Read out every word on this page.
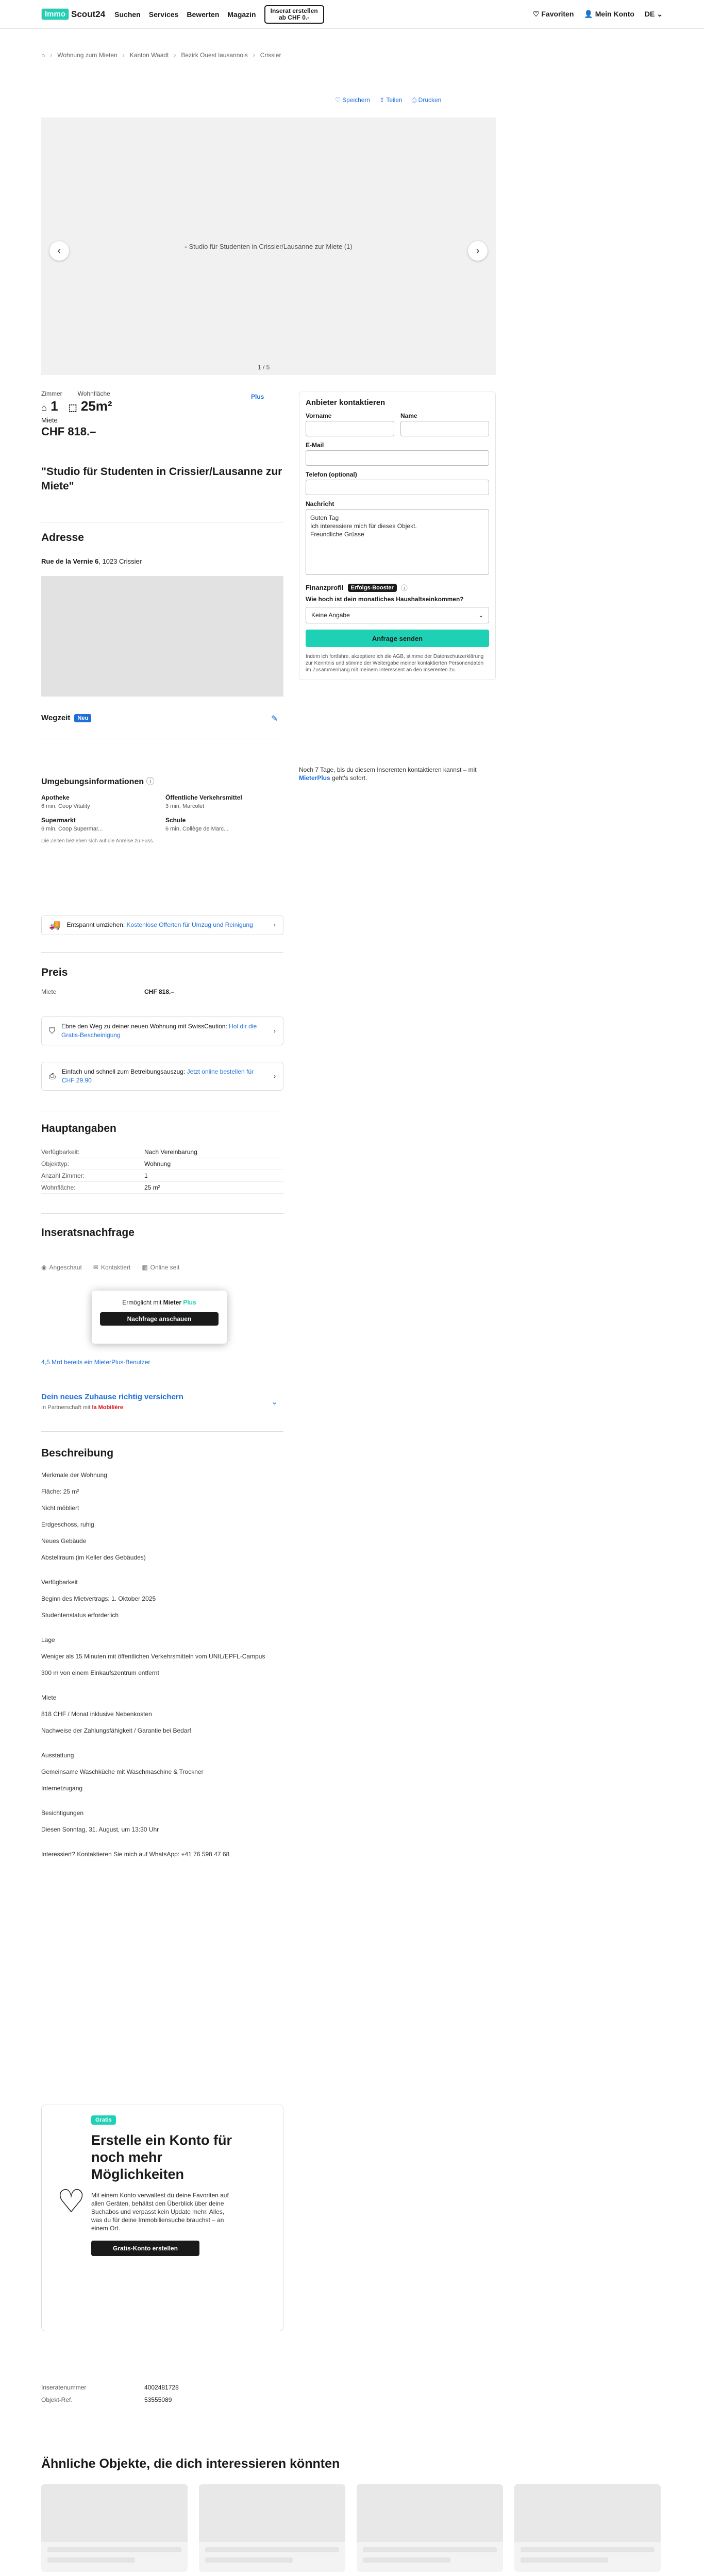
Immo Scout24 Suchen Services Bewerten Magazin Inserat erstellen
ab CHF 0.-	♡ Favoriten 👤 Mein Konto DE ⌄
⌂ › Wohnung zum Mieten › Kanton Waadt › Bezirk Ouest lausannois › Crissier
♡ Speichern ⇪ Teilen ⎙ Drucken
▫ Studio für Studenten in Crissier/Lausanne zur Miete (1)
‹	›
1 / 5
Zimmer	Wohnfläche
⌂ 1 ⬚ 25m²
Miete
CHF 818.–
Plus
"Studio für Studenten in Crissier/Lausanne zur Miete"
Adresse

Rue de la Vernie 6, 1023 Crissier

Wegzeit	Neu	✎
Umgebungsinformationen ⓘ
Apotheke
6 min, Coop Vitality
Öffentliche Verkehrsmittel
3 min, Marcolet
Supermarkt
6 min, Coop Supermar...
Schule
6 min, Collège de Marc...
Die Zeiten beziehen sich auf die Anreise zu Fuss.
🚚 Entspannt umziehen: Kostenlose Offerten für Umzug und Reinigung	›
Preis
Miete	CHF 818.–
⛉
Ebne den Weg zu deiner neuen Wohnung mit SwissCaution: Hol dir die Gratis-Bescheinigung
›
⎙
Einfach und schnell zum Betreibungsauszug: Jetzt online bestellen für CHF 29.90
›
Hauptangaben
Verfügbarkeit:	Nach Vereinbarung
Objekttyp:	Wohnung
Anzahl Zimmer:	1
Wohnfläche:	25 m²
Inseratsnachfrage
◉ Angeschaut ✉ Kontaktiert ▦ Online seit
Ermöglicht mit Mieter Plus
Nachfrage anschauen
4,5 Mrd bereits ein MieterPlus-Benutzer
Dein neues Zuhause richtig versichern
In Partnerschaft mit la Mobilière
⌄
Beschreibung
Merkmale der Wohnung

Fläche: 25 m²

Nicht möbliert

Erdgeschoss, ruhig

Neues Gebäude

Abstellraum (im Keller des Gebäudes)

Verfügbarkeit

Beginn des Mietvertrags: 1. Oktober 2025

Studentenstatus erforderlich

Lage

Weniger als 15 Minuten mit öffentlichen Verkehrsmitteln vom UNIL/EPFL-Campus

300 m von einem Einkaufszentrum entfernt

Miete

818 CHF / Monat inklusive Nebenkosten

Nachweise der Zahlungsfähigkeit / Garantie bei Bedarf

Ausstattung

Gemeinsame Waschküche mit Waschmaschine & Trockner

Internetzugang

Besichtigungen

Diesen Sonntag, 31. August, um 13:30 Uhr

Interessiert? Kontaktieren Sie mich auf WhatsApp: +41 76 598 47 68
Gratis
Erstelle ein Konto für noch mehr Möglichkeiten
♡ Mit einem Konto verwaltest du deine Favoriten auf allen Geräten, behältst den Überblick über deine Suchabos und verpasst kein Update mehr. Alles, was du für deine Immobiliensuche brauchst – an einem Ort.

Gratis-Konto erstellen
Inseratenummer	4002481728
Objekt-Ref.	53555089
Ähnliche Objekte, die dich interessieren könnten

Anbieter kontaktieren
Vorname	Name
E-Mail
Telefon (optional)
Nachricht
Guten Tag Ich interessiere mich für dieses Objekt. Freundliche Grüsse
Finanzprofil	Erfolgs-Booster	ⓘ
Wie hoch ist dein monatliches Haushaltseinkommen?
Keine Angabe	⌄
Anfrage senden
Indem ich fortfahre, akzeptiere ich die AGB, stimme der Datenschutzerklärung zur Kenntnis und stimme der Weitergabe meiner kontaktierten Personendaten im Zusammenhang mit meinem Interessent an den Inserenten zu.
Noch 7 Tage, bis du diesem Inserenten kontaktieren kannst – mit MieterPlus geht's sofort.
